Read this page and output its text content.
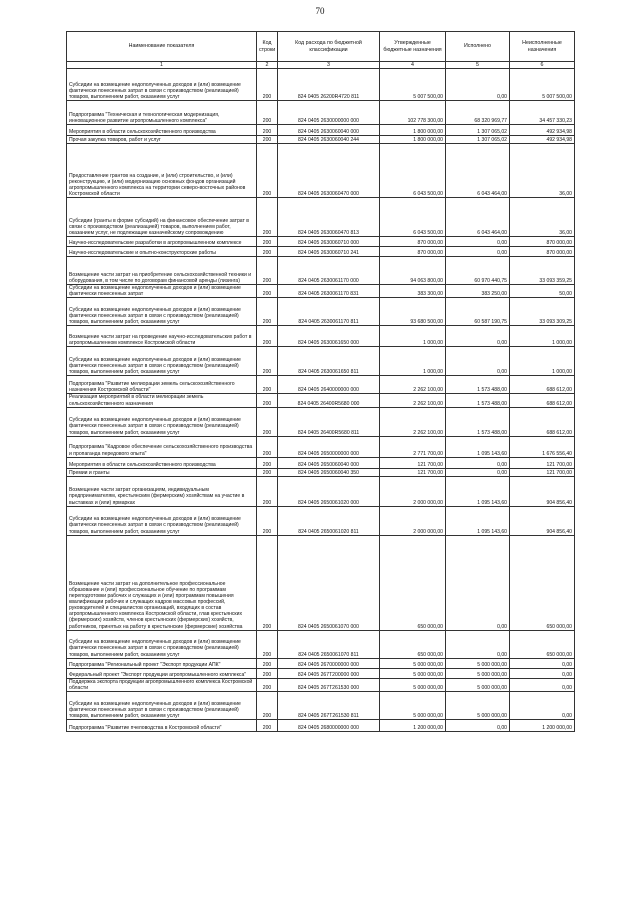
70
Наименование показателя	Код строки	Код расхода по бюджетной классификации	Утвержденные бюджетные назначения	Исполнено	Неисполненные назначения
1	2	3	4	5	6
Субсидии на возмещение недополученных доходов и (или) возмещение фактически понесенных затрат в связи с производством (реализацией) товаров, выполнением работ, оказанием услуг	200	824 0405 26200R4720 811	5 007 500,00	0,00	5 007 500,00
Подпрограмма "Техническая и технологическая модернизация, инновационное развитие агропромышленного комплекса"	200	824 0405 2630000000 000	102 778 300,00	68 320 969,77	34 457 330,23
Мероприятия в области сельскохозяйственного производства	200	824 0405 2630060040 000	1 800 000,00	1 307 065,02	492 934,98
Прочая закупка товаров, работ и услуг	200	824 0405 2630060040 244	1 800 000,00	1 307 065,02	492 934,98
Предоставление грантов на создание, и (или) строительство, и (или) реконструкцию, и (или) модернизацию основных фондов организаций агропромышленного комплекса на территории северо-восточных районов Костромской области	200	824 0405 2630060470 000	6 043 500,00	6 043 464,00	36,00
Субсидии (гранты в форме субсидий) на финансовое обеспечение затрат в связи с производством (реализацией) товаров, выполнением работ, оказанием услуг, не подлежащие казначейскому сопровождению	200	824 0405 2630060470 813	6 043 500,00	6 043 464,00	36,00
Научно-исследовательские разработки в агропромышленном комплексе	200	824 0405 2630060710 000	870 000,00	0,00	870 000,00
Научно-исследовательские и опытно-конструкторские работы	200	824 0405 2630060710 241	870 000,00	0,00	870 000,00
Возмещение части затрат на приобретение сельскохозяйственной техники и оборудования, в том числе по договорам финансовой аренды (лизинга)	200	824 0405 2630061170 000	94 063 800,00	60 970 440,75	33 093 359,25
Субсидии на возмещение недополученных доходов и (или) возмещение фактически понесенных затрат	200	824 0405 2630061170 831	383 300,00	383 250,00	50,00
Субсидии на возмещение недополученных доходов и (или) возмещение фактически понесенных затрат в связи с производством (реализацией) товаров, выполнением работ, оказанием услуг	200	824 0405 2630061170 811	93 680 500,00	60 587 190,75	33 093 309,25
Возмещение части затрат на проведение научно-исследовательских работ в агропромышленном комплексе Костромской области	200	824 0405 2630061650 000	1 000,00	0,00	1 000,00
Субсидии на возмещение недополученных доходов и (или) возмещение фактически понесенных затрат в связи с производством (реализацией) товаров, выполнением работ, оказанием услуг	200	824 0405 2630061650 811	1 000,00	0,00	1 000,00
Подпрограмма "Развитие мелиорации земель сельскохозяйственного назначения Костромской области"	200	824 0405 2640000000 000	2 262 100,00	1 573 488,00	688 612,00
Реализация мероприятий в области мелиорации земель сельскохозяйственного назначения	200	824 0405 26400R5680 000	2 262 100,00	1 573 488,00	688 612,00
Субсидии на возмещение недополученных доходов и (или) возмещение фактически понесенных затрат в связи с производством (реализацией) товаров, выполнением работ, оказанием услуг	200	824 0405 26400R5680 811	2 262 100,00	1 573 488,00	688 612,00
Подпрограмма "Кадровое обеспечение сельскохозяйственного производства и пропаганда передового опыта"	200	824 0405 2650000000 000	2 771 700,00	1 095 143,60	1 676 556,40
Мероприятия в области сельскохозяйственного производства	200	824 0405 2650060040 000	121 700,00	0,00	121 700,00
Премии и гранты	200	824 0405 2650060040 350	121 700,00	0,00	121 700,00
Возмещение части затрат организациям, индивидуальным предпринимателям, крестьянским (фермерским) хозяйствам на участие в выставках и (или) ярмарках	200	824 0405 2650061020 000	2 000 000,00	1 095 143,60	904 856,40
Субсидии на возмещение недополученных доходов и (или) возмещение фактически понесенных затрат в связи с производством (реализацией) товаров, выполнением работ, оказанием услуг	200	824 0405 2650061020 811	2 000 000,00	1 095 143,60	904 856,40
Возмещение части затрат на дополнительное профессиональное образование и (или) профессиональное обучение по программам переподготовки рабочих и служащих и (или) программам повышения квалификации рабочих и служащих кадров массовых профессий, руководителей и специалистов организаций, входящих в состав агропромышленного комплекса Костромской области, глав крестьянских (фермерских) хозяйств, членов крестьянских (фермерских) хозяйств, работников, принятых на работу в крестьянские (фермерские) хозяйства	200	824 0405 2650061070 000	650 000,00	0,00	650 000,00
Субсидии на возмещение недополученных доходов и (или) возмещение фактически понесенных затрат в связи с производством (реализацией) товаров, выполнением работ, оказанием услуг	200	824 0405 2650061070 811	650 000,00	0,00	650 000,00
Подпрограмма "Региональный проект "Экспорт продукции АПК"	200	824 0405 2670000000 000	5 000 000,00	5 000 000,00	0,00
Федеральный проект "Экспорт продукции агропромышленного комплекса"	200	824 0405 267T200000 000	5 000 000,00	5 000 000,00	0,00
Поддержка экспорта продукции агропромышленного комплекса Костромской области	200	824 0405 267T261530 000	5 000 000,00	5 000 000,00	0,00
Субсидии на возмещение недополученных доходов и (или) возмещение фактически понесенных затрат в связи с производством (реализацией) товаров, выполнением работ, оказанием услуг	200	824 0405 267T261530 811	5 000 000,00	5 000 000,00	0,00
Подпрограмма "Развитие пчеловодства в Костромской области"	200	824 0405 2680000000 000	1 200 000,00	0,00	1 200 000,00
